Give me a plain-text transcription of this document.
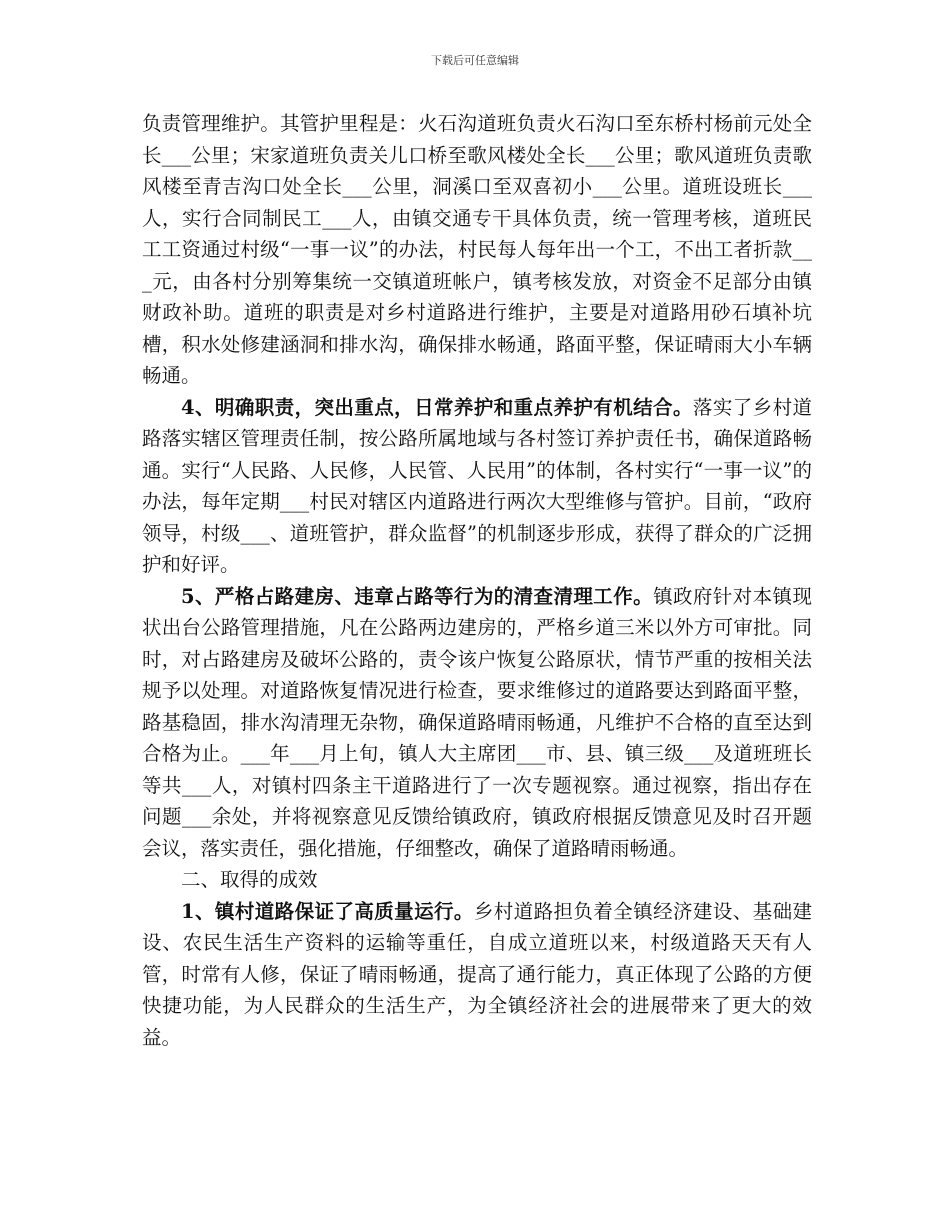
下载后可任意编辑

负责管理维护。其管护里程是：火石沟道班负责火石沟口至东桥村杨前元处全长___公里；宋家道班负责关儿口桥至歌风楼处全长___公里；歌风道班负责歌风楼至青吉沟口处全长___公里，洞溪口至双喜初小___公里。道班设班长___人，实行合同制民工___人，由镇交通专干具体负责，统一管理考核，道班民工工资通过村级“一事一议”的办法，村民每人每年出一个工，不出工者折款___元，由各村分别筹集统一交镇道班帐户，镇考核发放，对资金不足部分由镇财政补助。道班的职责是对乡村道路进行维护，主要是对道路用砂石填补坑槽，积水处修建涵洞和排水沟，确保排水畅通，路面平整，保证晴雨大小车辆畅通。

4、明确职责，突出重点，日常养护和重点养护有机结合。落实了乡村道路落实辖区管理责任制，按公路所属地域与各村签订养护责任书，确保道路畅通。实行“人民路、人民修，人民管、人民用”的体制，各村实行“一事一议”的办法，每年定期___村民对辖区内道路进行两次大型维修与管护。目前，“政府领导，村级___、道班管护，群众监督”的机制逐步形成，获得了群众的广泛拥护和好评。

5、严格占路建房、违章占路等行为的清查清理工作。镇政府针对本镇现状出台公路管理措施，凡在公路两边建房的，严格乡道三米以外方可审批。同时，对占路建房及破坏公路的，责令该户恢复公路原状，情节严重的按相关法规予以处理。对道路恢复情况进行检查，要求维修过的道路要达到路面平整，路基稳固，排水沟清理无杂物，确保道路晴雨畅通，凡维护不合格的直至达到合格为止。___年___月上旬，镇人大主席团___市、县、镇三级___及道班班长等共___人，对镇村四条主干道路进行了一次专题视察。通过视察，指出存在问题___余处，并将视察意见反馈给镇政府，镇政府根据反馈意见及时召开题会议，落实责任，强化措施，仔细整改，确保了道路晴雨畅通。

二、取得的成效

1、镇村道路保证了高质量运行。乡村道路担负着全镇经济建设、基础建设、农民生活生产资料的运输等重任，自成立道班以来，村级道路天天有人管，时常有人修，保证了晴雨畅通，提高了通行能力，真正体现了公路的方便快捷功能，为人民群众的生活生产，为全镇经济社会的进展带来了更大的效益。
